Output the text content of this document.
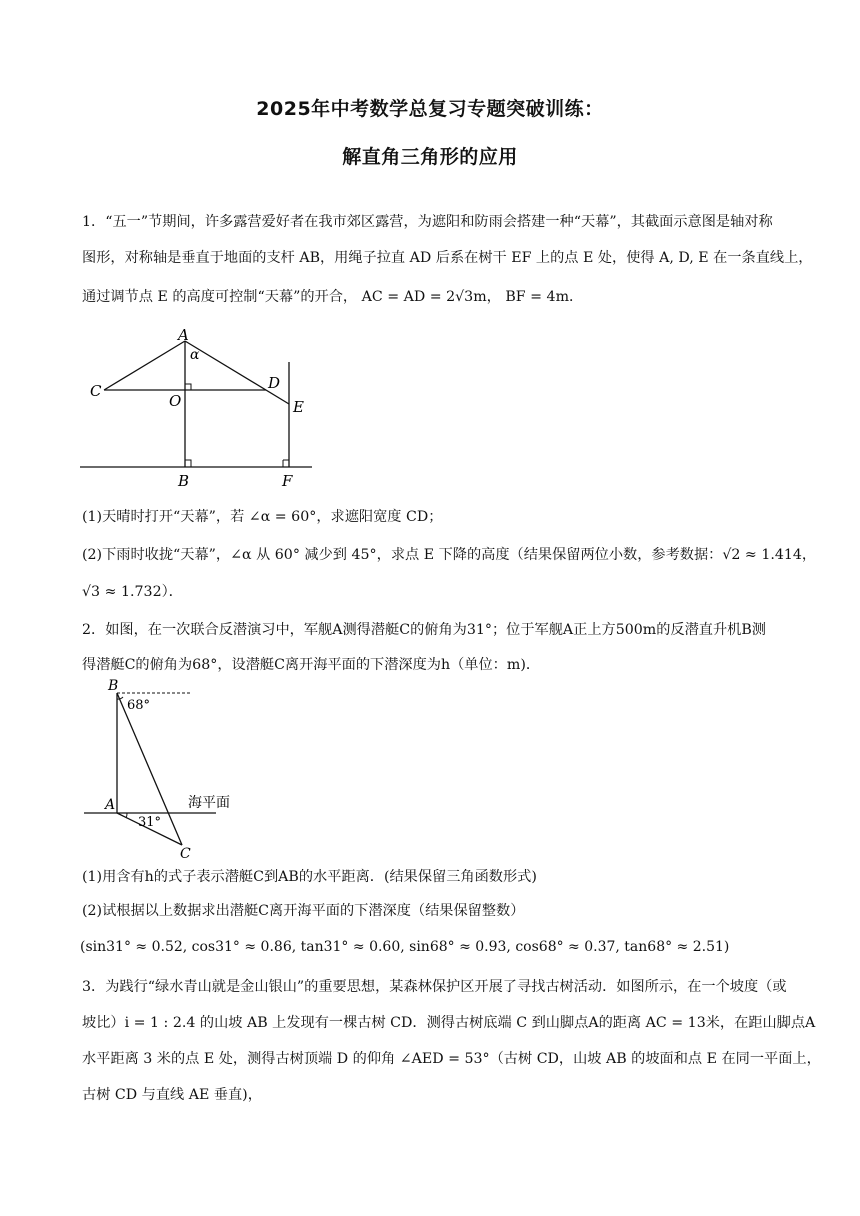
2025年中考数学总复习专题突破训练：
解直角三角形的应用
1．“五一”节期间，许多露营爱好者在我市郊区露营，为遮阳和防雨会搭建一种“天幕”，其截面示意图是轴对称
图形，对称轴是垂直于地面的支杆 AB，用绳子拉直 AD 后系在树干 EF 上的点 E 处，使得 A, D, E 在一条直线上，
通过调节点 E 的高度可控制“天幕”的开合， AC = AD = 2√3m， BF = 4m．
A
α
C
O
D
E
B	F
(1)天晴时打开“天幕”，若 ∠α = 60°，求遮阳宽度 CD；
(2)下雨时收拢“天幕”，∠α 从 60° 减少到 45°，求点 E 下降的高度（结果保留两位小数，参考数据：√2 ≈ 1.414，
√3 ≈ 1.732）．
2．如图，在一次联合反潜演习中，军舰A测得潜艇C的俯角为31°；位于军舰A正上方500m的反潜直升机B测
得潜艇C的俯角为68°，设潜艇C离开海平面的下潜深度为h（单位：m)．
B
68°
A	海平面
31°
C
(1)用含有h的式子表示潜艇C到AB的水平距离．(结果保留三角函数形式)
(2)试根据以上数据求出潜艇C离开海平面的下潜深度（结果保留整数）
(sin31° ≈ 0.52, cos31° ≈ 0.86, tan31° ≈ 0.60, sin68° ≈ 0.93, cos68° ≈ 0.37, tan68° ≈ 2.51)
3．为践行“绿水青山就是金山银山”的重要思想，某森林保护区开展了寻找古树活动．如图所示，在一个坡度（或
坡比）i = 1 : 2.4 的山坡 AB 上发现有一棵古树 CD．测得古树底端 C 到山脚点A的距离 AC = 13米，在距山脚点A
水平距离 3 米的点 E 处，测得古树顶端 D 的仰角 ∠AED = 53°（古树 CD，山坡 AB 的坡面和点 E 在同一平面上，
古树 CD 与直线 AE 垂直)，
